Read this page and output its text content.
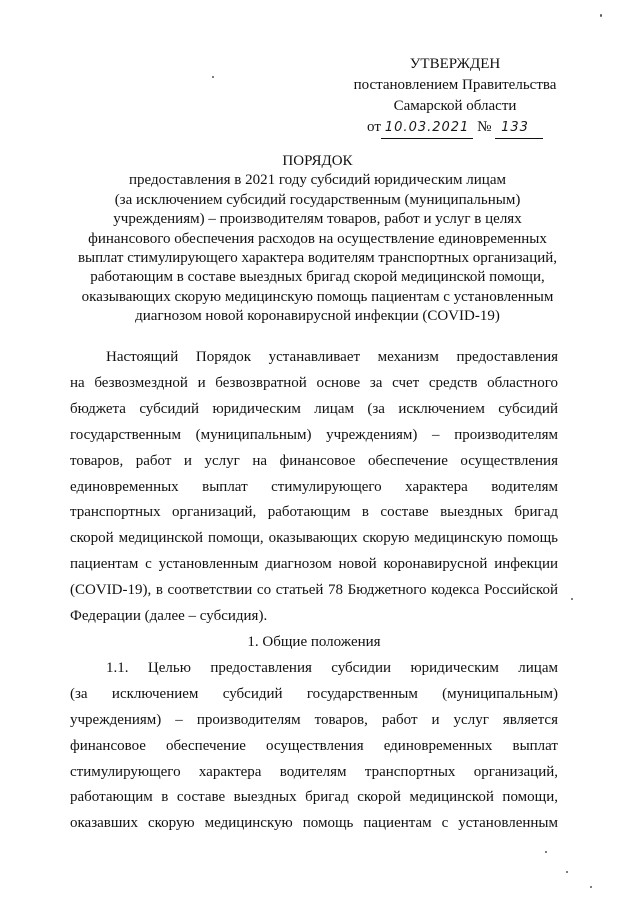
УТВЕРЖДЕН
постановлением Правительства
Самарской области
от 10.03.2021 № 133
ПОРЯДОК
предоставления в 2021 году субсидий юридическим лицам
(за исключением субсидий государственным (муниципальным)
учреждениям) – производителям товаров, работ и услуг в целях
финансового обеспечения расходов на осуществление единовременных
выплат стимулирующего характера водителям транспортных организаций,
работающим в составе выездных бригад скорой медицинской помощи,
оказывающих скорую медицинскую помощь пациентам с установленным
диагнозом новой коронавирусной инфекции (COVID-19)
Настоящий Порядок устанавливает механизм предоставления
на безвозмездной и безвозвратной основе за счет средств областного
бюджета субсидий юридическим лицам (за исключением субсидий
государственным (муниципальным) учреждениям) – производителям
товаров, работ и услуг на финансовое обеспечение осуществления
единовременных выплат стимулирующего характера водителям
транспортных организаций, работающим в составе выездных бригад
скорой медицинской помощи, оказывающих скорую медицинскую помощь
пациентам с установленным диагнозом новой коронавирусной инфекции
(COVID-19), в соответствии со статьей 78 Бюджетного кодекса Российской
Федерации (далее – субсидия).
1. Общие положения
1.1. Целью предоставления субсидии юридическим лицам
(за исключением субсидий государственным (муниципальным)
учреждениям) – производителям товаров, работ и услуг является
финансовое обеспечение осуществления единовременных выплат
стимулирующего характера водителям транспортных организаций,
работающим в составе выездных бригад скорой медицинской помощи,
оказавших скорую медицинскую помощь пациентам с установленным
